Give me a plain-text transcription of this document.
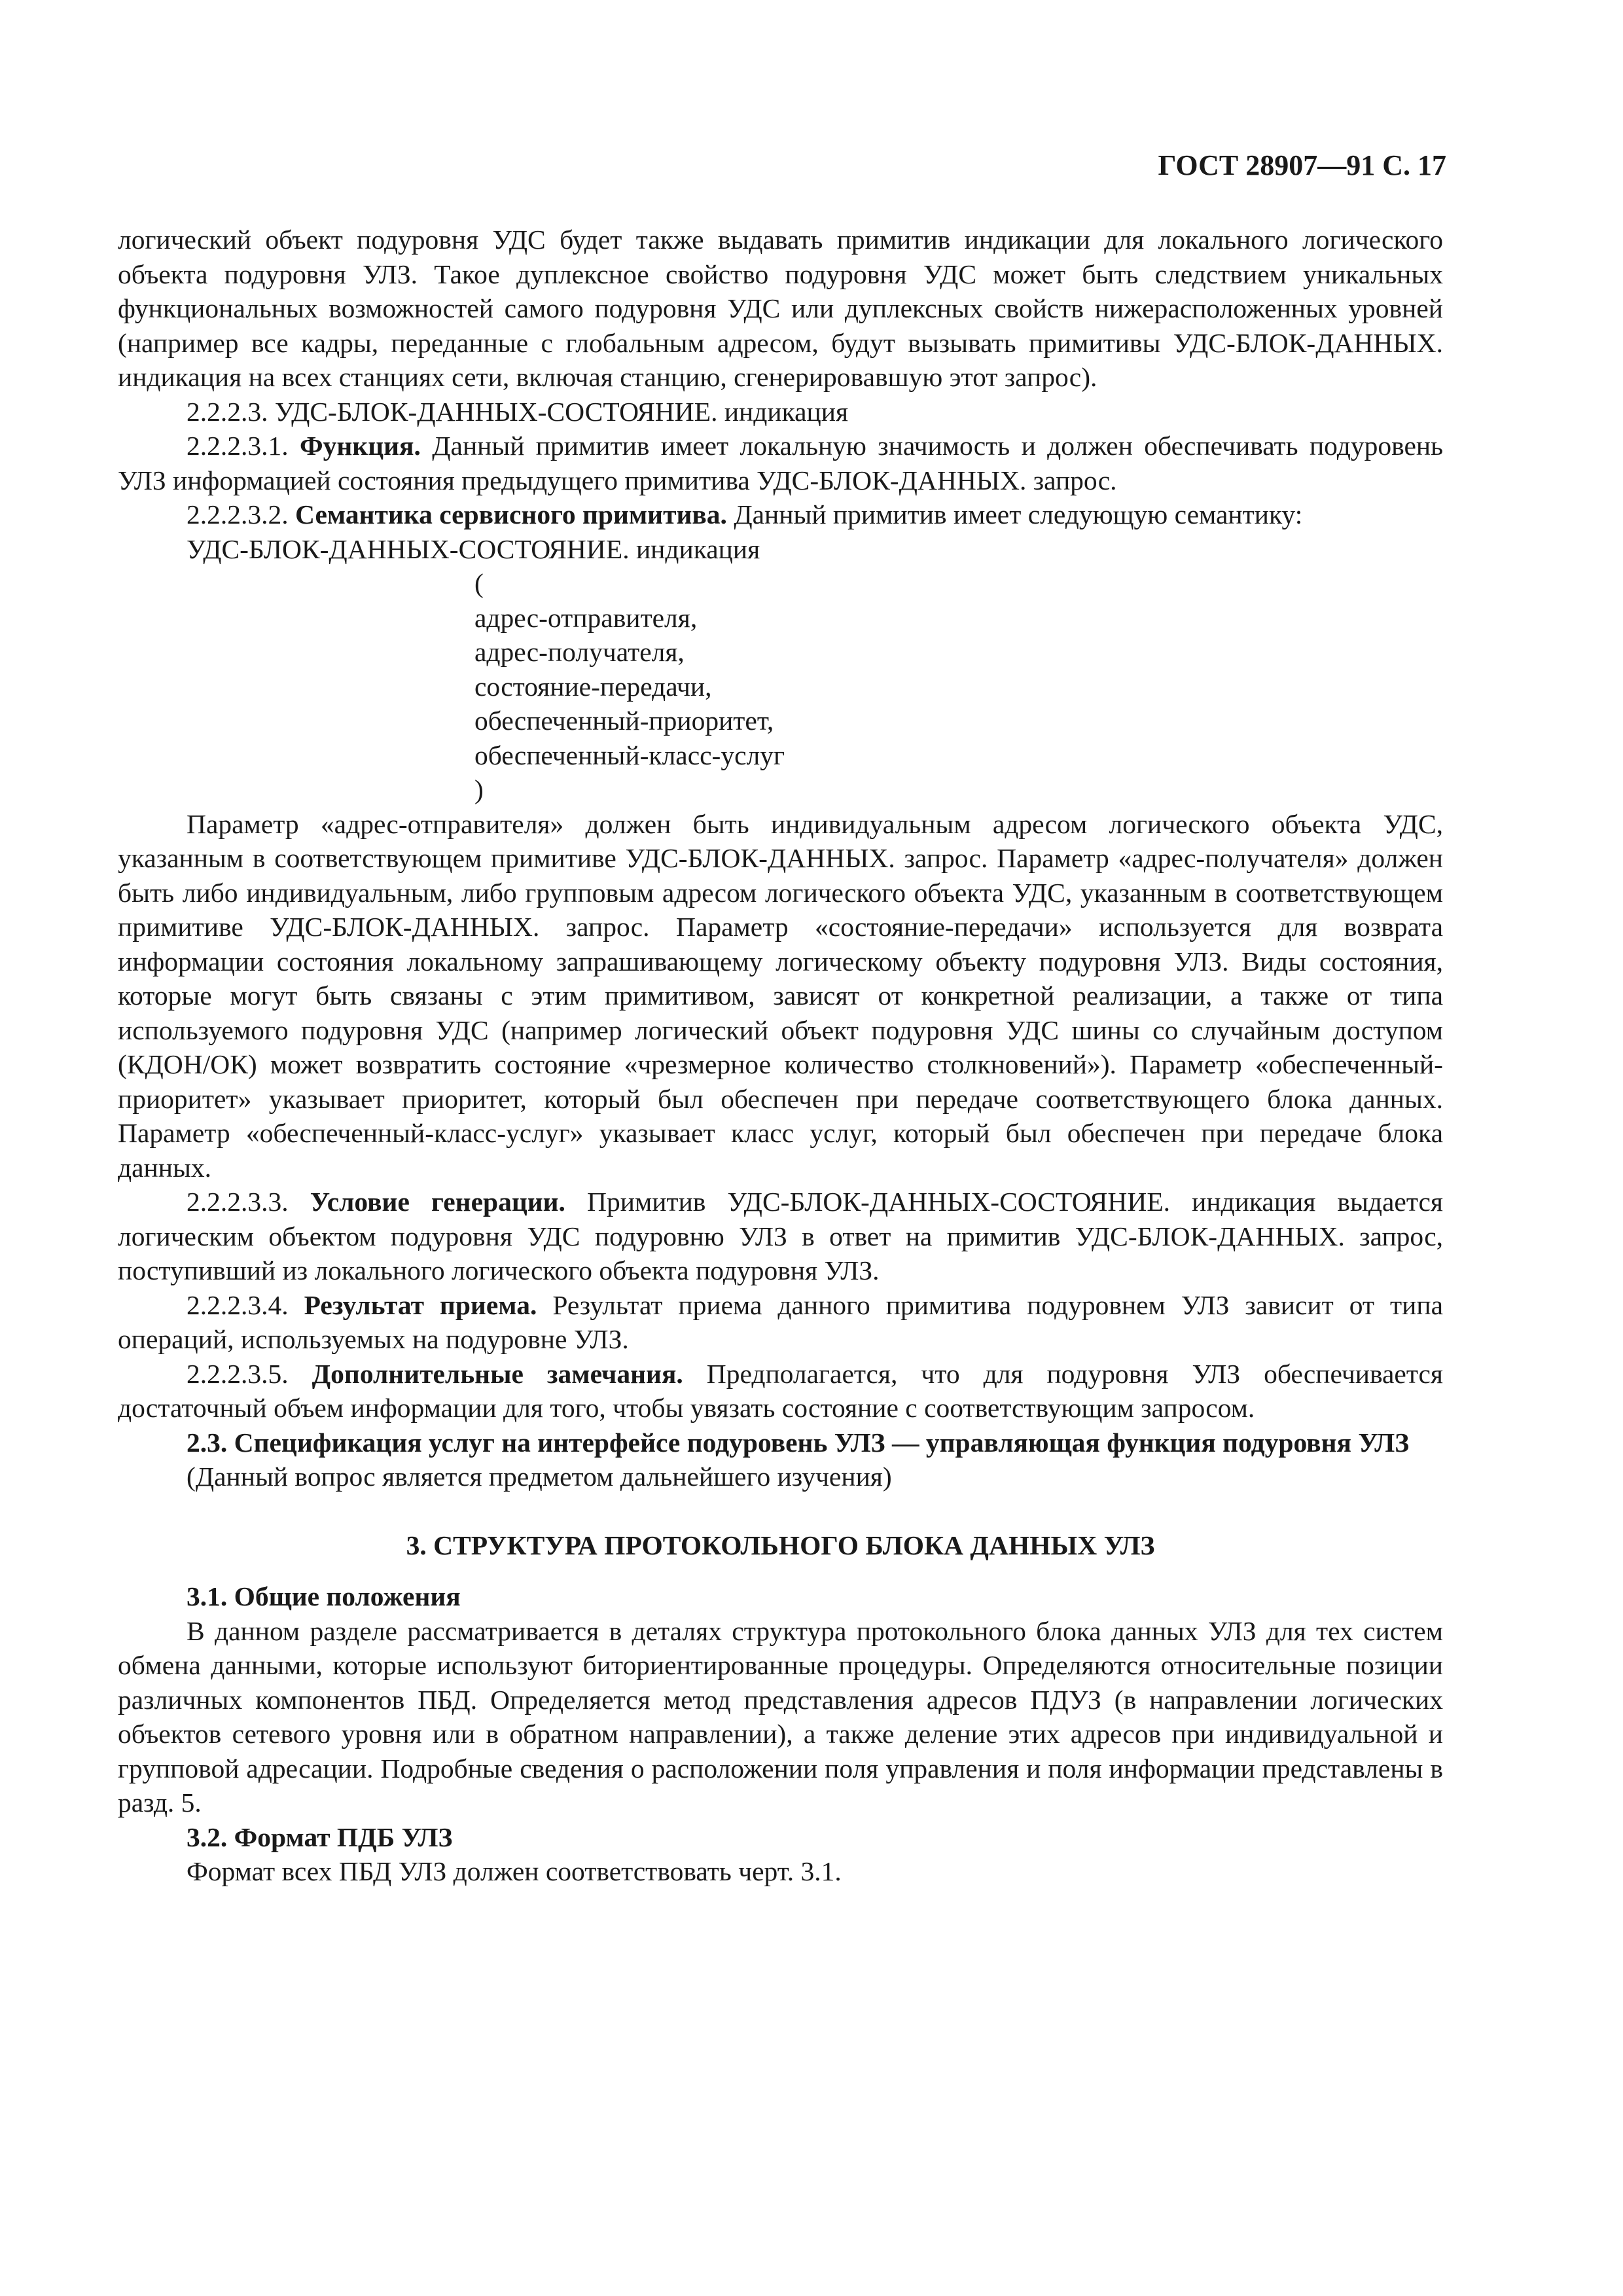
ГОСТ 28907—91 С. 17

логический объект подуровня УДС будет также выдавать примитив индикации для локального логического объекта подуровня УЛЗ. Такое дуплексное свойство подуровня УДС может быть следствием уникальных функциональных возможностей самого подуровня УДС или дуплексных свойств нижерасположенных уровней (например все кадры, переданные с глобальным адресом, будут вызывать примитивы УДС-БЛОК-ДАННЫХ. индикация на всех станциях сети, включая станцию, сгенерировавшую этот запрос).

2.2.2.3. УДС-БЛОК-ДАННЫХ-СОСТОЯНИЕ. индикация

2.2.2.3.1. Функция. Данный примитив имеет локальную значимость и должен обеспечивать подуровень УЛЗ информацией состояния предыдущего примитива УДС-БЛОК-ДАННЫХ. запрос.

2.2.2.3.2. Семантика сервисного примитива. Данный примитив имеет следующую семантику:

УДС-БЛОК-ДАННЫХ-СОСТОЯНИЕ. индикация

(
адрес-отправителя,
адрес-получателя,
состояние-передачи,
обеспеченный-приоритет,
обеспеченный-класс-услуг
)

Параметр «адрес-отправителя» должен быть индивидуальным адресом логического объекта УДС, указанным в соответствующем примитиве УДС-БЛОК-ДАННЫХ. запрос. Параметр «адрес-получателя» должен быть либо индивидуальным, либо групповым адресом логического объекта УДС, указанным в соответствующем примитиве УДС-БЛОК-ДАННЫХ. запрос. Параметр «состояние-передачи» используется для возврата информации состояния локальному запрашивающему логическому объекту подуровня УЛЗ. Виды состояния, которые могут быть связаны с этим примитивом, зависят от конкретной реализации, а также от типа используемого подуровня УДС (например логический объект подуровня УДС шины со случайным доступом (КДОН/ОК) может возвратить состояние «чрезмерное количество столкновений»). Параметр «обеспеченный-приоритет» указывает приоритет, который был обеспечен при передаче соответствующего блока данных. Параметр «обеспеченный-класс-услуг» указывает класс услуг, который был обеспечен при передаче блока данных.

2.2.2.3.3. Условие генерации. Примитив УДС-БЛОК-ДАННЫХ-СОСТОЯНИЕ. индикация выдается логическим объектом подуровня УДС подуровню УЛЗ в ответ на примитив УДС-БЛОК-ДАННЫХ. запрос, поступивший из локального логического объекта подуровня УЛЗ.

2.2.2.3.4. Результат приема. Результат приема данного примитива подуровнем УЛЗ зависит от типа операций, используемых на подуровне УЛЗ.

2.2.2.3.5. Дополнительные замечания. Предполагается, что для подуровня УЛЗ обеспечивается достаточный объем информации для того, чтобы увязать состояние с соответствующим запросом.

2.3. Спецификация услуг на интерфейсе подуровень УЛЗ — управляющая функция подуровня УЛЗ

(Данный вопрос является предметом дальнейшего изучения)

3. СТРУКТУРА ПРОТОКОЛЬНОГО БЛОКА ДАННЫХ УЛЗ

3.1. Общие положения

В данном разделе рассматривается в деталях структура протокольного блока данных УЛЗ для тех систем обмена данными, которые используют биториентированные процедуры. Определяются относительные позиции различных компонентов ПБД. Определяется метод представления адресов ПДУЗ (в направлении логических объектов сетевого уровня или в обратном направлении), а также деление этих адресов при индивидуальной и групповой адресации. Подробные сведения о расположении поля управления и поля информации представлены в разд. 5.

3.2. Формат ПДБ УЛЗ

Формат всех ПБД УЛЗ должен соответствовать черт. 3.1.
